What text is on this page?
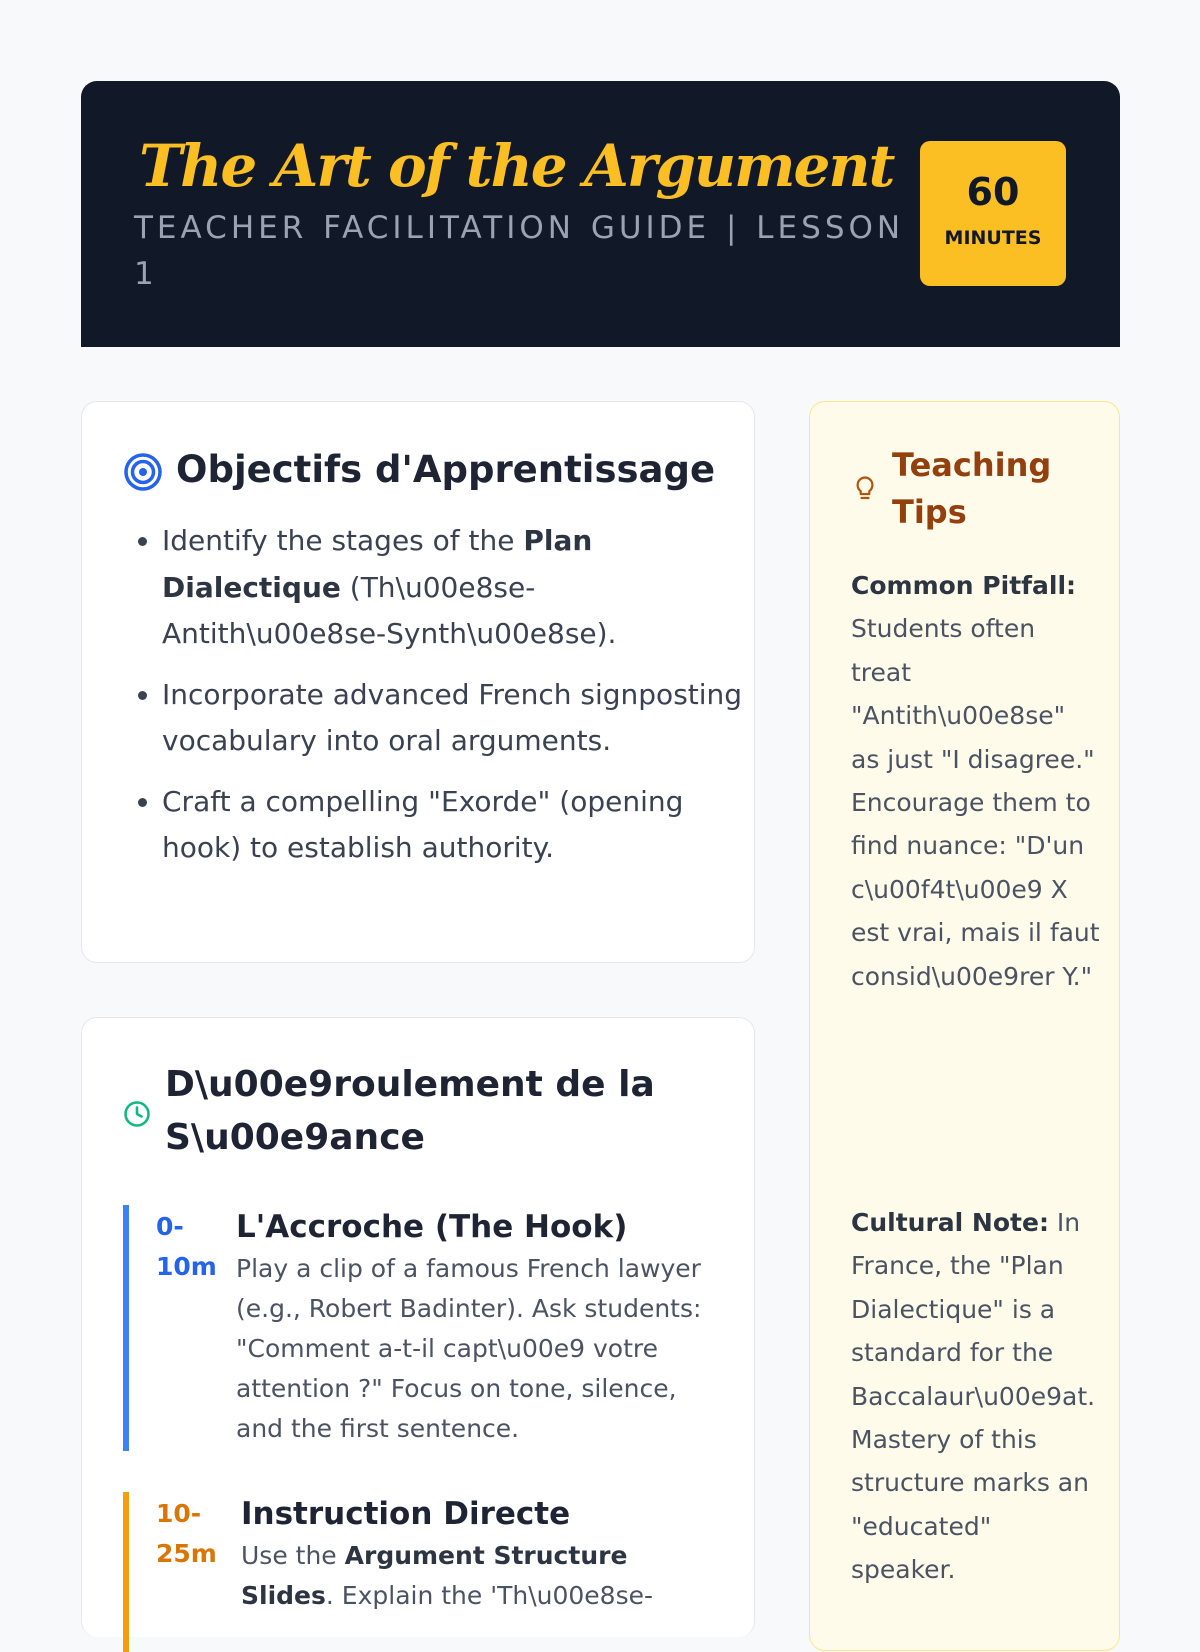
The Art of the Argument
TEACHER FACILITATION GUIDE | LESSON 1
60
MINUTES
Objectifs d'Apprentissage
• Identify the stages of the Plan Dialectique (Th\u00e8se-Antith\u00e8se-Synth\u00e8se).
• Incorporate advanced French signposting vocabulary into oral arguments.
• Craft a compelling "Exorde" (opening hook) to establish authority.
D\u00e9roulement de la S\u00e9ance
0-10m
L'Accroche (The Hook)
Play a clip of a famous French lawyer (e.g., Robert Badinter). Ask students: "Comment a-t-il capt\u00e9 votre attention ?" Focus on tone, silence, and the first sentence.
10-25m
Instruction Directe
Use the Argument Structure Slides. Explain the 'Th\u00e8se-
Teaching Tips
Common Pitfall: Students often treat "Antith\u00e8se" as just "I disagree." Encourage them to find nuance: "D'un c\u00f4t\u00e9 X est vrai, mais il faut consid\u00e9rer Y."
Cultural Note: In France, the "Plan Dialectique" is a standard for the Baccalaur\u00e9at. Mastery of this structure marks an "educated" speaker.
